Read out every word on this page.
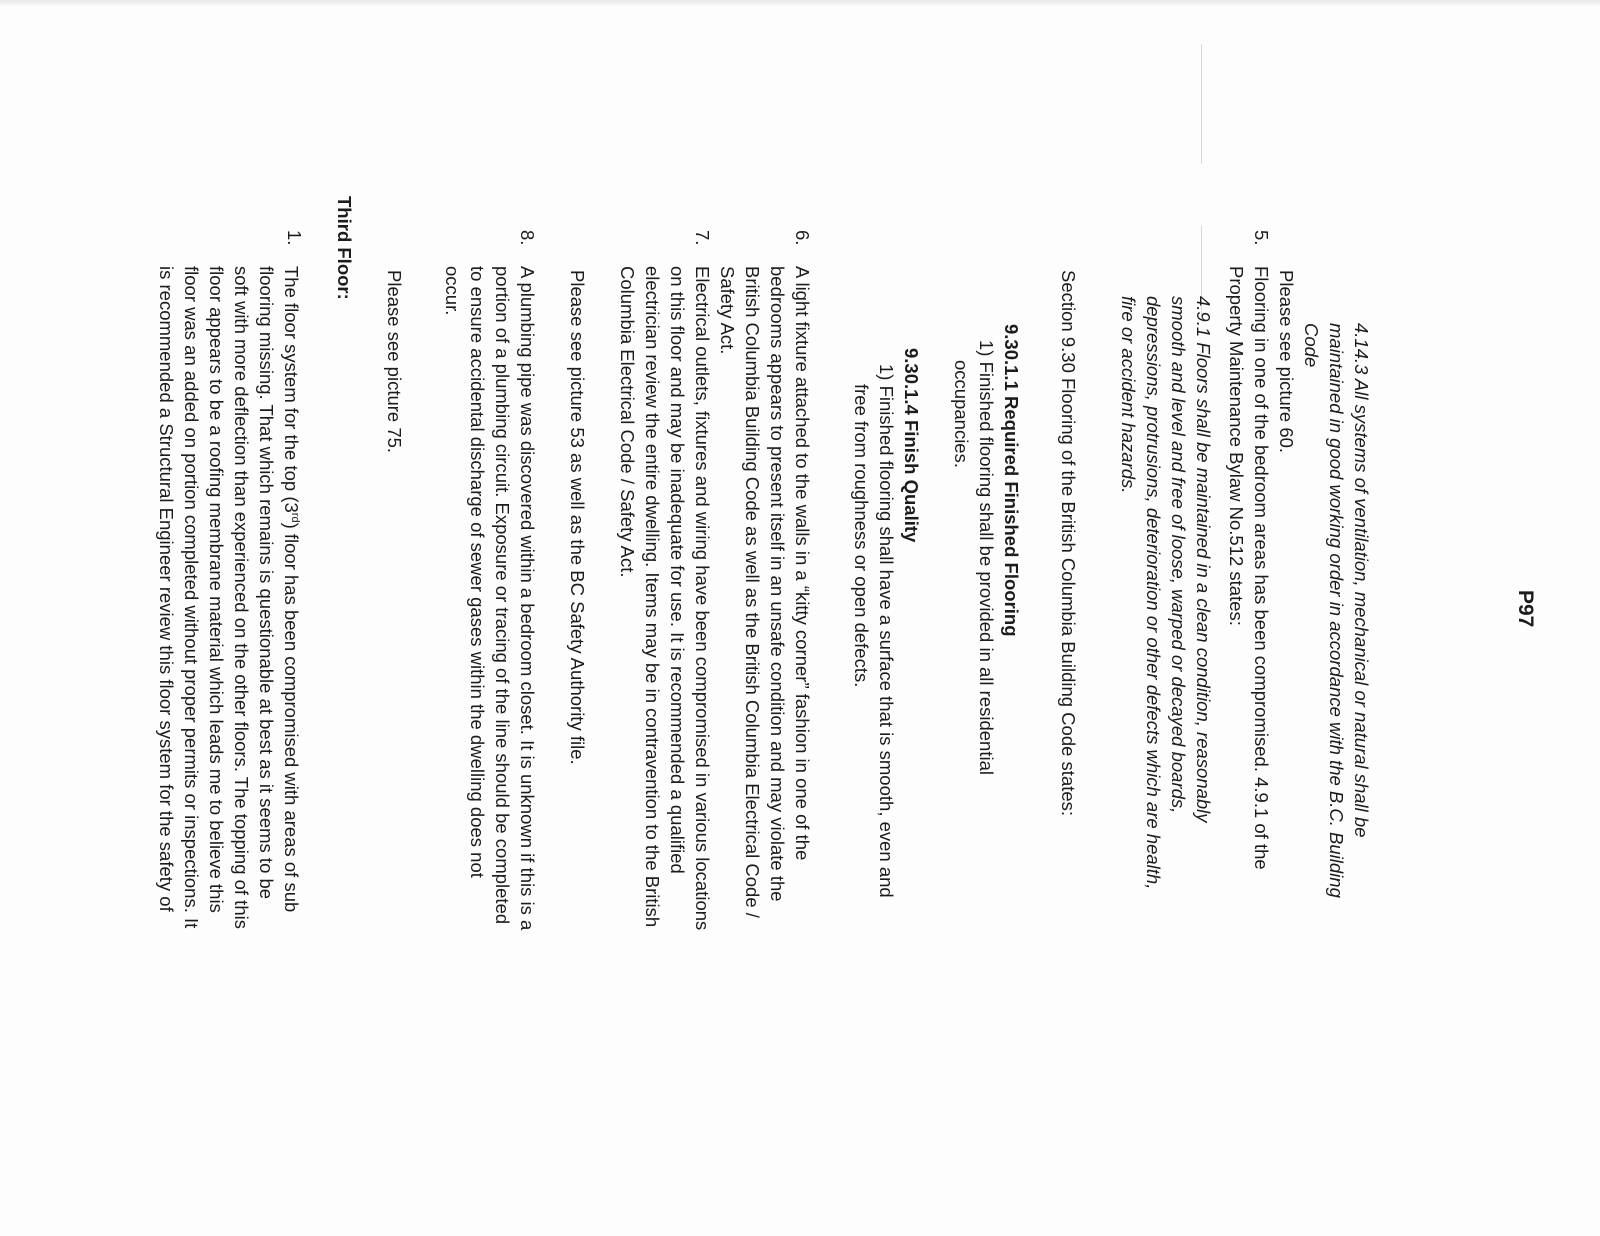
P97
4.14.3 All systems of ventilation, mechanical or natural shall be
maintained in good working order in accordance with the B.C. Building
Code
Please see picture 60.
5.
Flooring in one of the bedroom areas has been compromised. 4.9.1 of the
Property Maintenance Bylaw No.512 states:
4.9.1 Floors shall be maintained in a clean condition, reasonably
smooth and level and free of loose, warped or decayed boards,
depressions, protrusions, deterioration or other defects which are health,
fire or accident hazards.
Section 9.30 Flooring of the British Columbia Building Code states:
9.30.1.1 Required Finished Flooring
1) Finished flooring shall be provided in all residential
occupancies.
9.30.1.4 Finish Quality
1) Finished flooring shall have a surface that is smooth, even and
free from roughness or open defects.
6.
A light fixture attached to the walls in a “kitty corner” fashion in one of the
bedrooms appears to present itself in an unsafe condition and may violate the
British Columbia Building Code as well as the British Columbia Electrical Code /
Safety Act.
7.
Electrical outlets, fixtures and wiring have been compromised in various locations
on this floor and may be inadequate for use. It is recommended a qualified
electrician review the entire dwelling. Items may be in contravention to the British
Columbia Electrical Code / Safety Act.
Please see picture 53 as well as the BC Safety Authority file.
8.
A plumbing pipe was discovered within a bedroom closet. It is unknown if this is a
portion of a plumbing circuit. Exposure or tracing of the line should be completed
to ensure accidental discharge of sewer gases within the dwelling does not
occur.
Please see picture 75.
Third Floor:
1.
The floor system for the top (3rd) floor has been compromised with areas of sub
flooring missing. That which remains is questionable at best as it seems to be
soft with more deflection than experienced on the other floors. The topping of this
floor appears to be a roofing membrane material which leads me to believe this
floor was an added on portion completed without proper permits or inspections. It
is recommended a Structural Engineer review this floor system for the safety of
